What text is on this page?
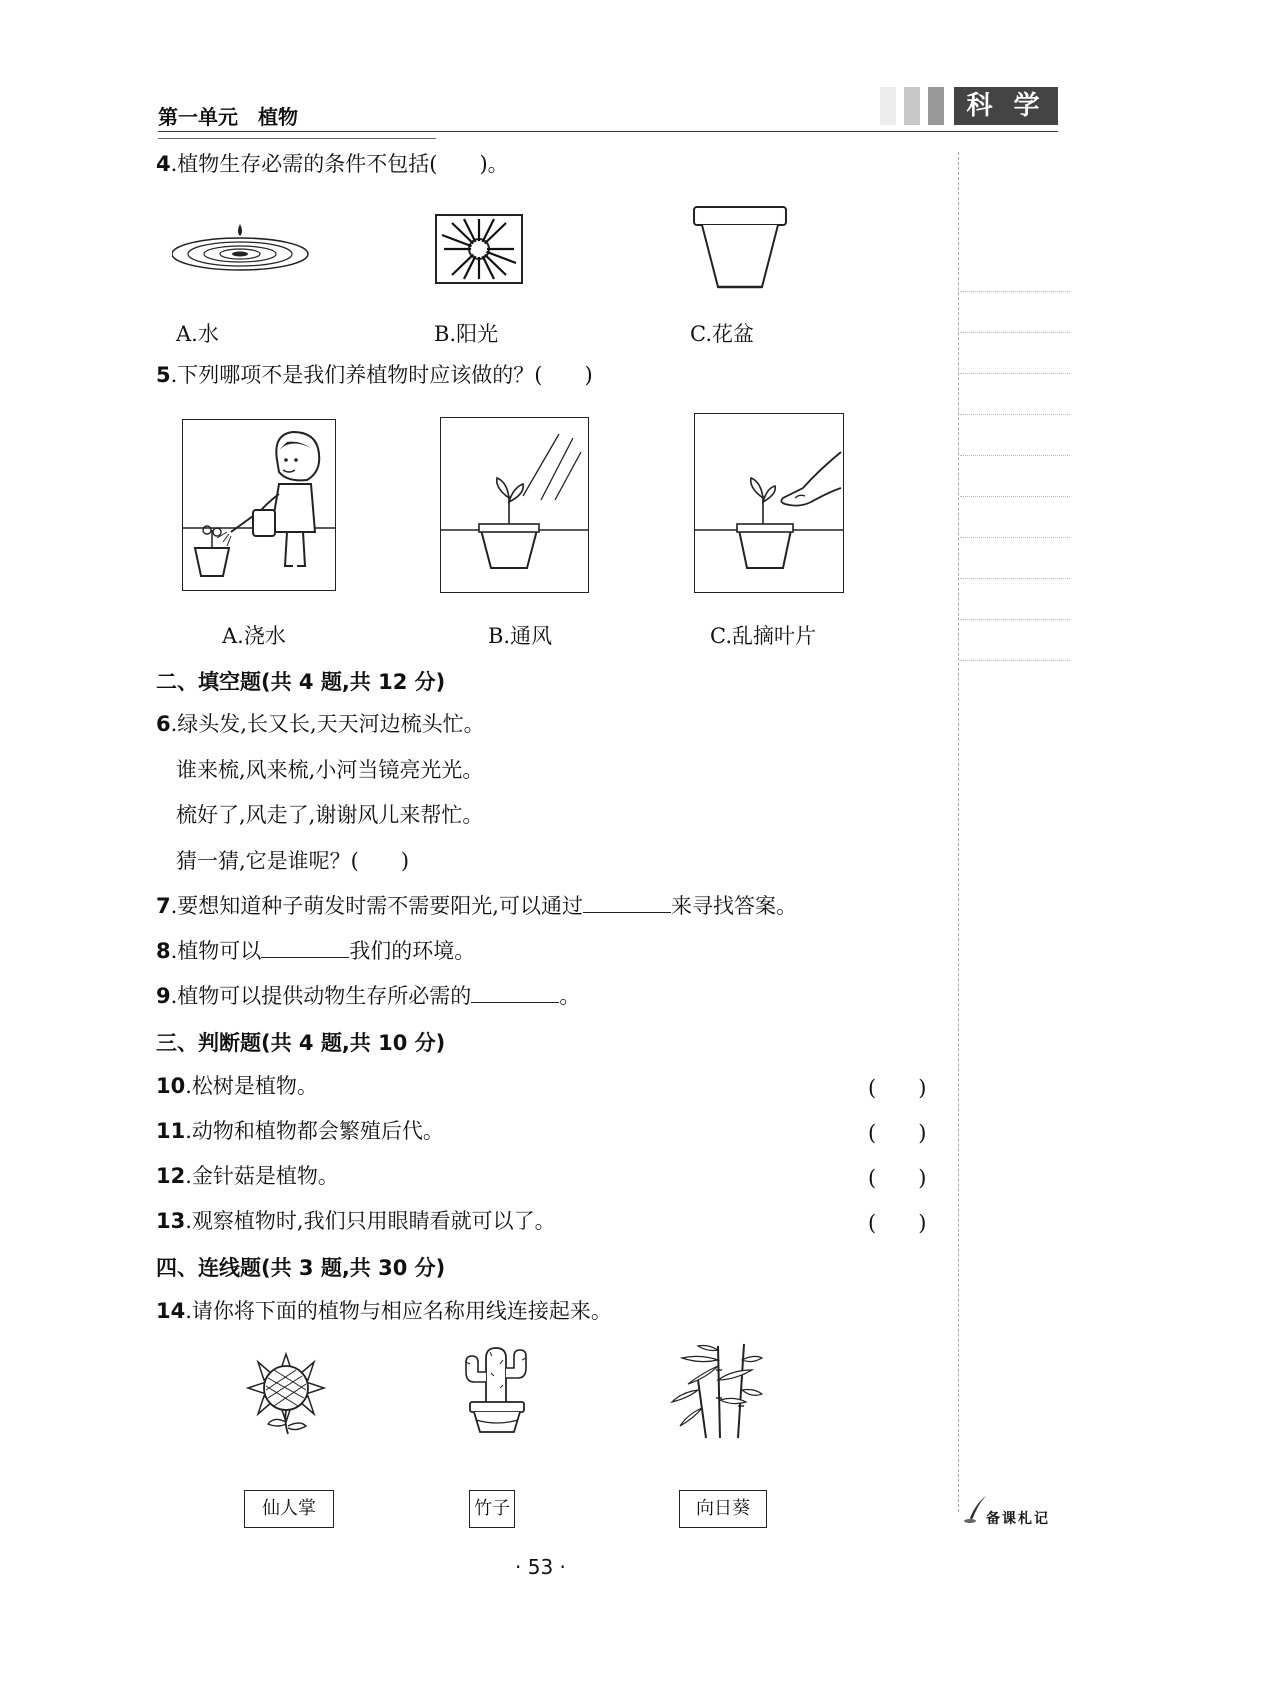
第一单元　植物	科 学
备课札记
4.植物生存必需的条件不包括(　　)。
A.水	B.阳光	C.花盆
5.下列哪项不是我们养植物时应该做的？(　　)
A.浇水	B.通风	C.乱摘叶片
二、填空题(共 4 题,共 12 分)
6.绿头发,长又长,天天河边梳头忙。
谁来梳,风来梳,小河当镜亮光光。
梳好了,风走了,谢谢风儿来帮忙。
猜一猜,它是谁呢？(　　)
7.要想知道种子萌发时需不需要阳光,可以通过	来寻找答案。
8.植物可以	我们的环境。
9.植物可以提供动物生存所必需的	。
三、判断题(共 4 题,共 10 分)
10.松树是植物。	(　　)
11.动物和植物都会繁殖后代。	(　　)
12.金针菇是植物。	(　　)
13.观察植物时,我们只用眼睛看就可以了。	(　　)
四、连线题(共 3 题,共 30 分)
14.请你将下面的植物与相应名称用线连接起来。
仙人掌	竹子	向日葵
· 53 ·
